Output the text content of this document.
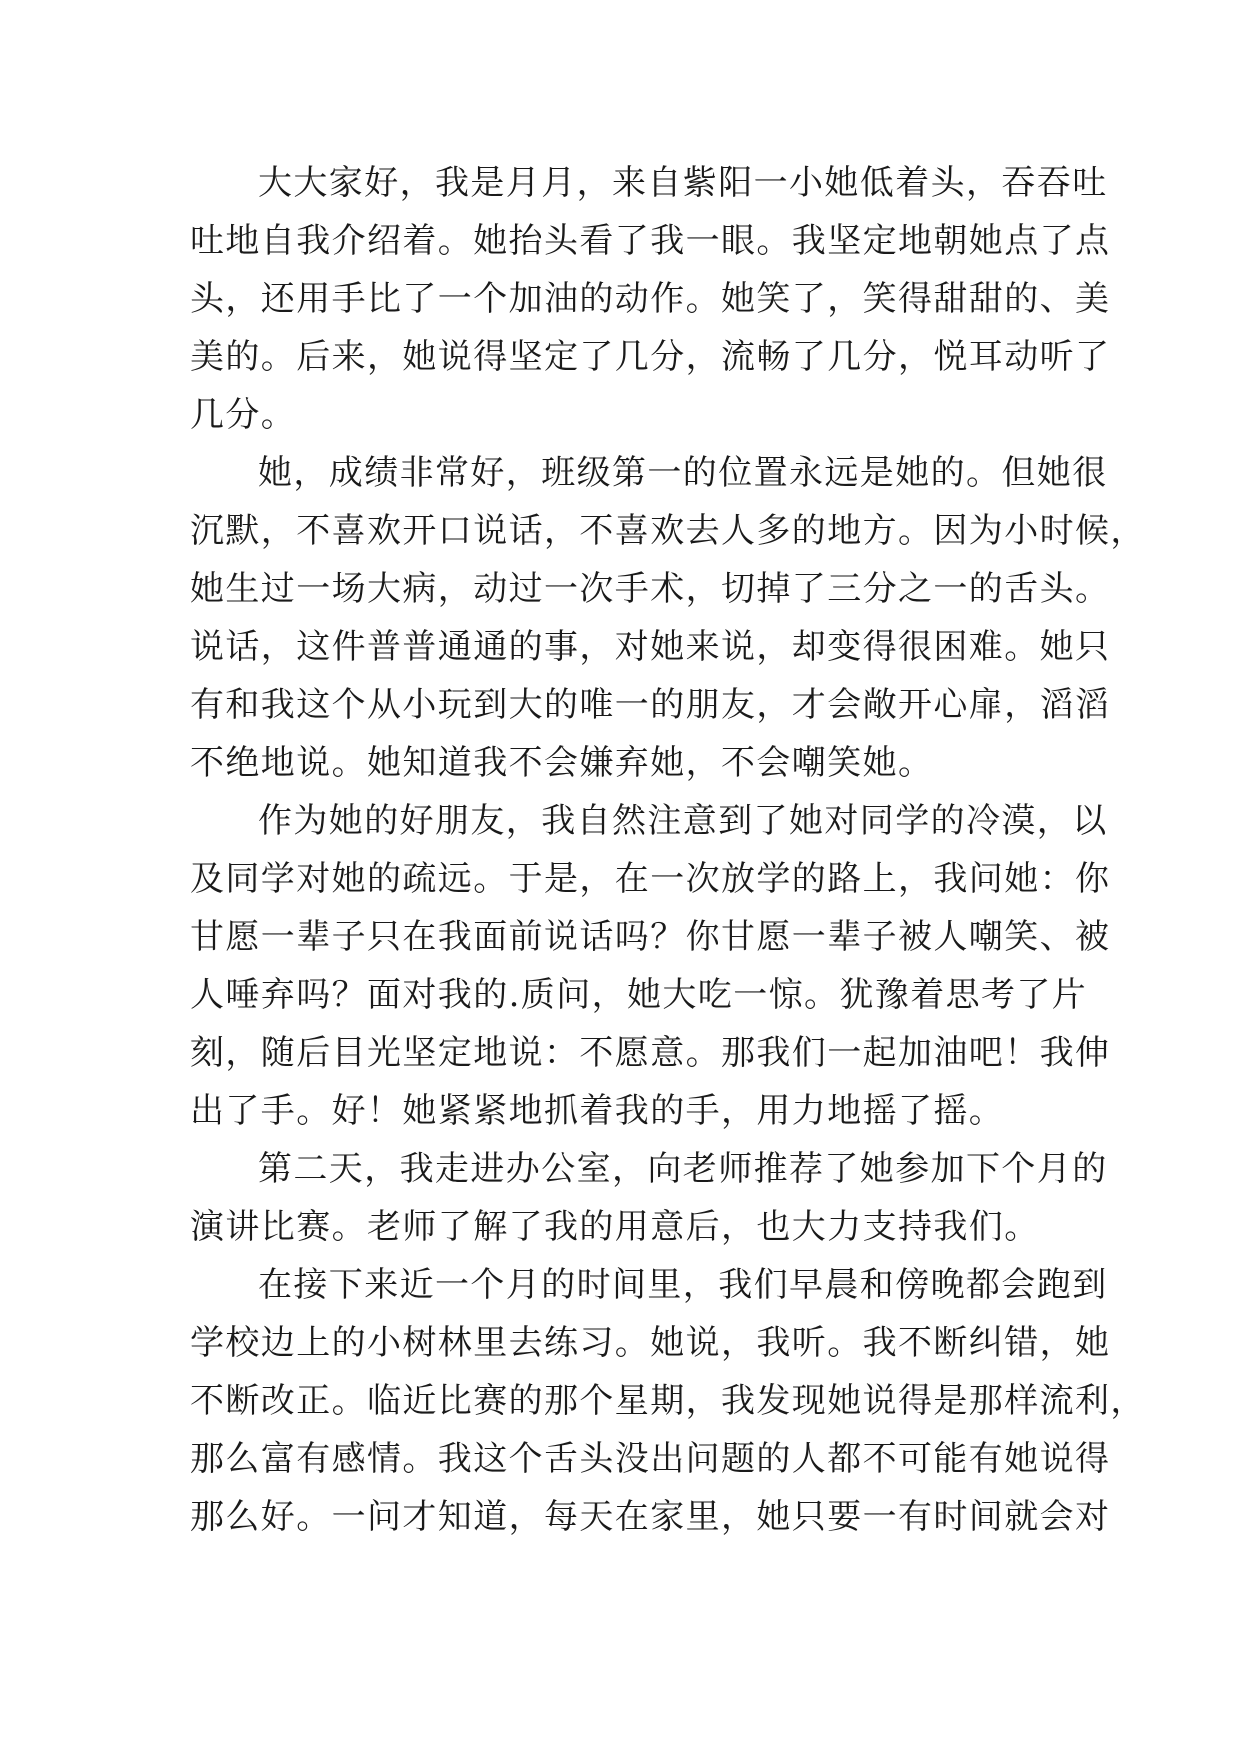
大大家好，我是月月，来自紫阳一小她低着头，吞吞吐
吐地自我介绍着。她抬头看了我一眼。我坚定地朝她点了点
头，还用手比了一个加油的动作。她笑了，笑得甜甜的、美
美的。后来，她说得坚定了几分，流畅了几分，悦耳动听了
几分。
她，成绩非常好，班级第一的位置永远是她的。但她很
沉默，不喜欢开口说话，不喜欢去人多的地方。因为小时候，
她生过一场大病，动过一次手术，切掉了三分之一的舌头。
说话，这件普普通通的事，对她来说，却变得很困难。她只
有和我这个从小玩到大的唯一的朋友，才会敞开心扉，滔滔
不绝地说。她知道我不会嫌弃她，不会嘲笑她。
作为她的好朋友，我自然注意到了她对同学的冷漠，以
及同学对她的疏远。于是，在一次放学的路上，我问她：你
甘愿一辈子只在我面前说话吗？你甘愿一辈子被人嘲笑、被
人唾弃吗？面对我的.质问，她大吃一惊。犹豫着思考了片
刻，随后目光坚定地说：不愿意。那我们一起加油吧！我伸
出了手。好！她紧紧地抓着我的手，用力地摇了摇。
第二天，我走进办公室，向老师推荐了她参加下个月的
演讲比赛。老师了解了我的用意后，也大力支持我们。
在接下来近一个月的时间里，我们早晨和傍晚都会跑到
学校边上的小树林里去练习。她说，我听。我不断纠错，她
不断改正。临近比赛的那个星期，我发现她说得是那样流利，
那么富有感情。我这个舌头没出问题的人都不可能有她说得
那么好。一问才知道，每天在家里，她只要一有时间就会对
